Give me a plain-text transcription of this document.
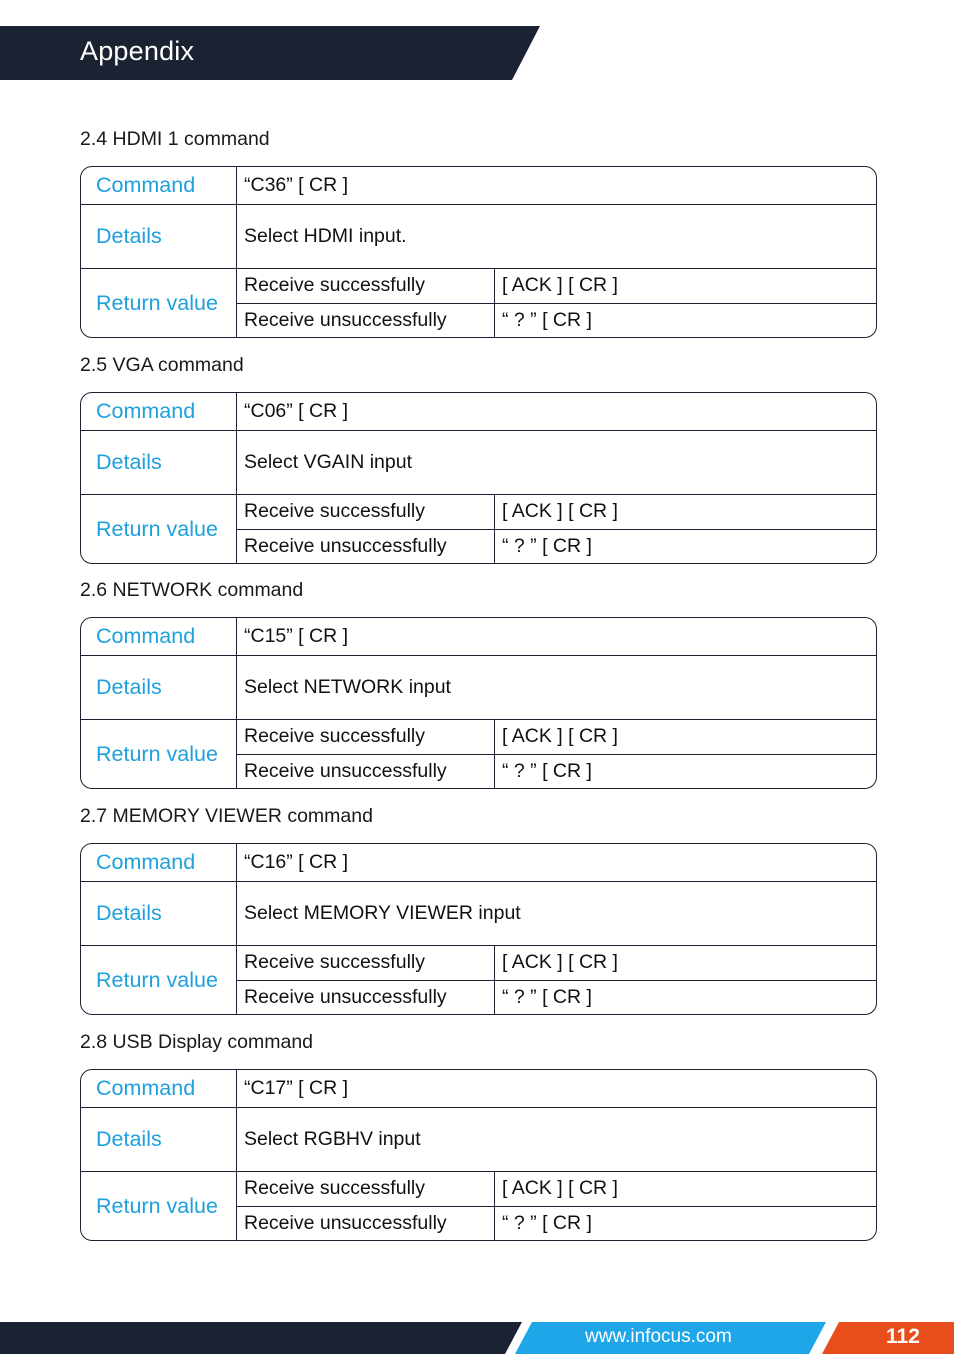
Appendix
2.4 HDMI 1 command
Command	“C36” [ CR ]
Details	Select HDMI input.
Return value
Receive successfully	[ ACK ] [ CR ]
Receive unsuccessfully	“ ? ” [ CR ]
2.5 VGA command
Command	“C06” [ CR ]
Details	Select VGAIN input
Return value
Receive successfully	[ ACK ] [ CR ]
Receive unsuccessfully	“ ? ” [ CR ]
2.6 NETWORK command
Command	“C15” [ CR ]
Details	Select NETWORK input
Return value
Receive successfully	[ ACK ] [ CR ]
Receive unsuccessfully	“ ? ” [ CR ]
2.7 MEMORY VIEWER command
Command	“C16” [ CR ]
Details	Select MEMORY VIEWER input
Return value
Receive successfully	[ ACK ] [ CR ]
Receive unsuccessfully	“ ? ” [ CR ]
2.8 USB Display command
Command	“C17” [ CR ]
Details	Select RGBHV input
Return value
Receive successfully	[ ACK ] [ CR ]
Receive unsuccessfully	“ ? ” [ CR ]
www.infocus.com	112
